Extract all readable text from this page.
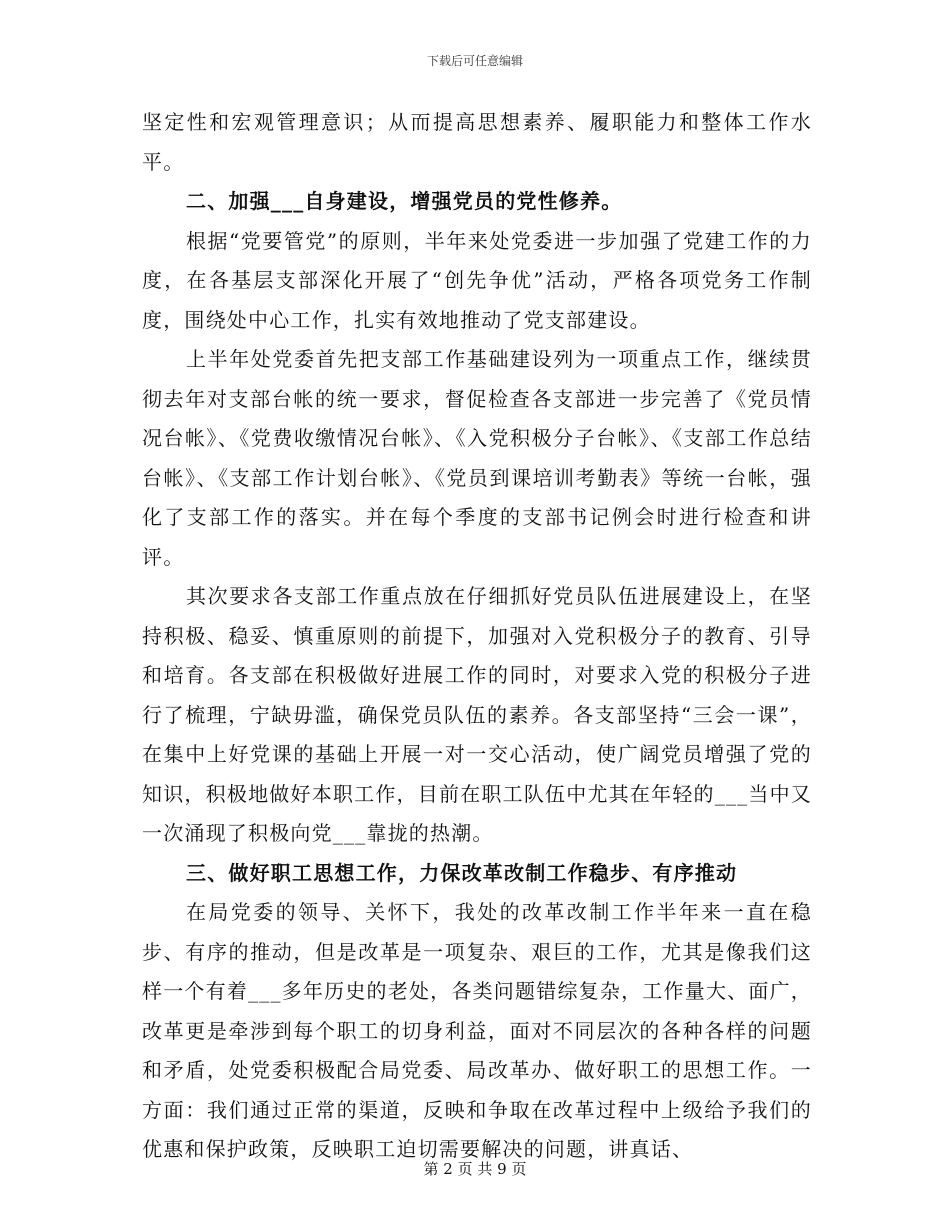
下载后可任意编辑

坚定性和宏观管理意识；从而提高思想素养、履职能力和整体工作水平。

二、加强___自身建设，增强党员的党性修养。

根据“党要管党”的原则，半年来处党委进一步加强了党建工作的力度，在各基层支部深化开展了“创先争优”活动，严格各项党务工作制度，围绕处中心工作，扎实有效地推动了党支部建设。

上半年处党委首先把支部工作基础建设列为一项重点工作，继续贯彻去年对支部台帐的统一要求，督促检查各支部进一步完善了《党员情况台帐》、《党费收缴情况台帐》、《入党积极分子台帐》、《支部工作总结台帐》、《支部工作计划台帐》、《党员到课培训考勤表》等统一台帐，强化了支部工作的落实。并在每个季度的支部书记例会时进行检查和讲评。

其次要求各支部工作重点放在仔细抓好党员队伍进展建设上，在坚持积极、稳妥、慎重原则的前提下，加强对入党积极分子的教育、引导和培育。各支部在积极做好进展工作的同时，对要求入党的积极分子进行了梳理，宁缺毋滥，确保党员队伍的素养。各支部坚持“三会一课”，在集中上好党课的基础上开展一对一交心活动，使广阔党员增强了党的知识，积极地做好本职工作，目前在职工队伍中尤其在年轻的___当中又一次涌现了积极向党___靠拢的热潮。

三、做好职工思想工作，力保改革改制工作稳步、有序推动

在局党委的领导、关怀下，我处的改革改制工作半年来一直在稳步、有序的推动，但是改革是一项复杂、艰巨的工作，尤其是像我们这样一个有着___多年历史的老处，各类问题错综复杂，工作量大、面广，改革更是牵涉到每个职工的切身利益，面对不同层次的各种各样的问题和矛盾，处党委积极配合局党委、局改革办、做好职工的思想工作。一方面：我们通过正常的渠道，反映和争取在改革过程中上级给予我们的优惠和保护政策，反映职工迫切需要解决的问题，讲真话、

第 2 页 共 9 页
